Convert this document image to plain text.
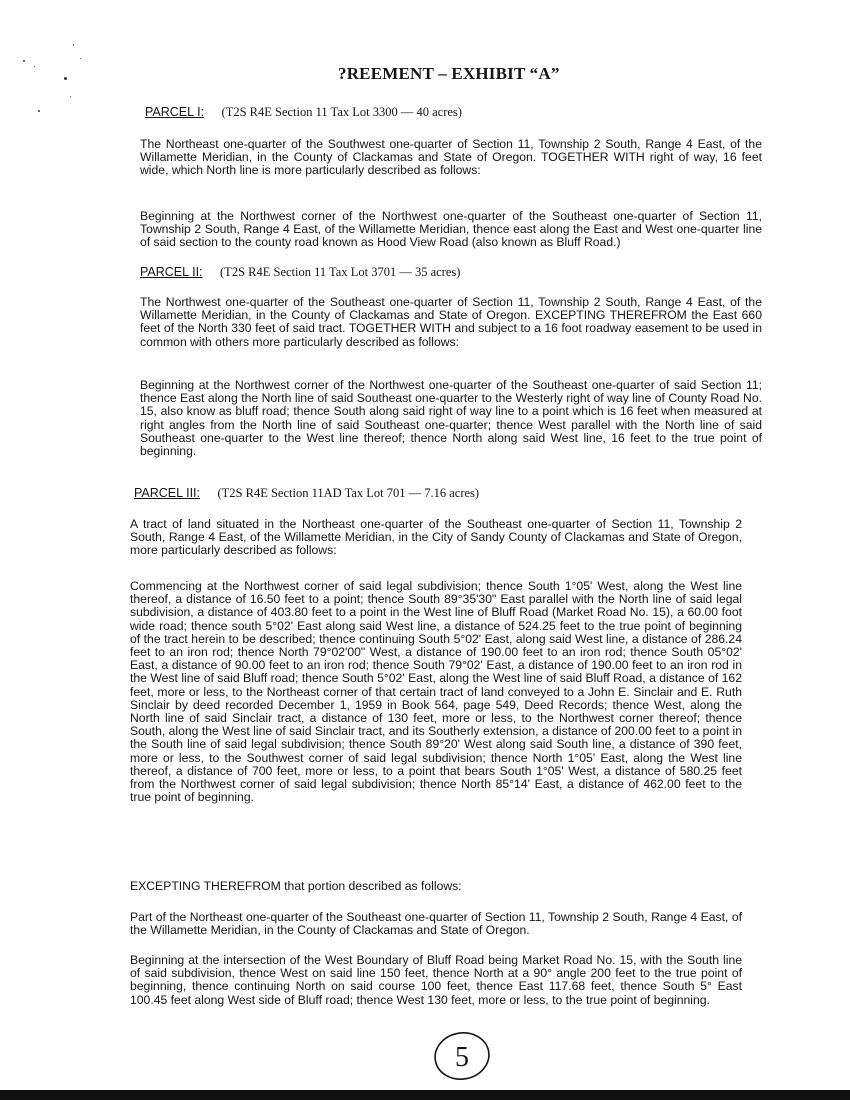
?REEMENT – EXHIBIT “A”
PARCEL I: (T2S R4E Section 11 Tax Lot 3300 — 40 acres)
The Northeast one-quarter of the Southwest one-quarter of Section 11, Township 2 South, Range 4 East, of the Willamette Meridian, in the County of Clackamas and State of Oregon. TOGETHER WITH right of way, 16 feet wide, which North line is more particularly described as follows:
Beginning at the Northwest corner of the Northwest one-quarter of the Southeast one-quarter of Section 11, Township 2 South, Range 4 East, of the Willamette Meridian, thence east along the East and West one-quarter line of said section to the county road known as Hood View Road (also known as Bluff Road.)
PARCEL II: (T2S R4E Section 11 Tax Lot 3701 — 35 acres)
The Northwest one-quarter of the Southeast one-quarter of Section 11, Township 2 South, Range 4 East, of the Willamette Meridian, in the County of Clackamas and State of Oregon. EXCEPTING THEREFROM the East 660 feet of the North 330 feet of said tract. TOGETHER WITH and subject to a 16 foot roadway easement to be used in common with others more particularly described as follows:
Beginning at the Northwest corner of the Northwest one-quarter of the Southeast one-quarter of said Section 11; thence East along the North line of said Southeast one-quarter to the Westerly right of way line of County Road No. 15, also know as bluff road; thence South along said right of way line to a point which is 16 feet when measured at right angles from the North line of said Southeast one-quarter; thence West parallel with the North line of said Southeast one-quarter to the West line thereof; thence North along said West line, 16 feet to the true point of beginning.
PARCEL III: (T2S R4E Section 11AD Tax Lot 701 — 7.16 acres)
A tract of land situated in the Northeast one-quarter of the Southeast one-quarter of Section 11, Township 2 South, Range 4 East, of the Willamette Meridian, in the City of Sandy County of Clackamas and State of Oregon, more particularly described as follows:
Commencing at the Northwest corner of said legal subdivision; thence South 1°05' West, along the West line thereof, a distance of 16.50 feet to a point; thence South 89°35'30" East parallel with the North line of said legal subdivision, a distance of 403.80 feet to a point in the West line of Bluff Road (Market Road No. 15), a 60.00 foot wide road; thence south 5°02' East along said West line, a distance of 524.25 feet to the true point of beginning of the tract herein to be described; thence continuing South 5°02' East, along said West line, a distance of 286.24 feet to an iron rod; thence North 79°02'00" West, a distance of 190.00 feet to an iron rod; thence South 05°02' East, a distance of 90.00 feet to an iron rod; thence South 79°02' East, a distance of 190.00 feet to an iron rod in the West line of said Bluff road; thence South 5°02' East, along the West line of said Bluff Road, a distance of 162 feet, more or less, to the Northeast corner of that certain tract of land conveyed to a John E. Sinclair and E. Ruth Sinclair by deed recorded December 1, 1959 in Book 564, page 549, Deed Records; thence West, along the North line of said Sinclair tract, a distance of 130 feet, more or less, to the Northwest corner thereof; thence South, along the West line of said Sinclair tract, and its Southerly extension, a distance of 200.00 feet to a point in the South line of said legal subdivision; thence South 89°20' West along said South line, a distance of 390 feet, more or less, to the Southwest corner of said legal subdivision; thence North 1°05' East, along the West line thereof, a distance of 700 feet, more or less, to a point that bears South 1°05' West, a distance of 580.25 feet from the Northwest corner of said legal subdivision; thence North 85°14' East, a distance of 462.00 feet to the true point of beginning.
EXCEPTING THEREFROM that portion described as follows:
Part of the Northeast one-quarter of the Southeast one-quarter of Section 11, Township 2 South, Range 4 East, of the Willamette Meridian, in the County of Clackamas and State of Oregon.
Beginning at the intersection of the West Boundary of Bluff Road being Market Road No. 15, with the South line of said subdivision, thence West on said line 150 feet, thence North at a 90° angle 200 feet to the true point of beginning, thence continuing North on said course 100 feet, thence East 117.68 feet, thence South 5° East 100.45 feet along West side of Bluff road; thence West 130 feet, more or less, to the true point of beginning.
5
